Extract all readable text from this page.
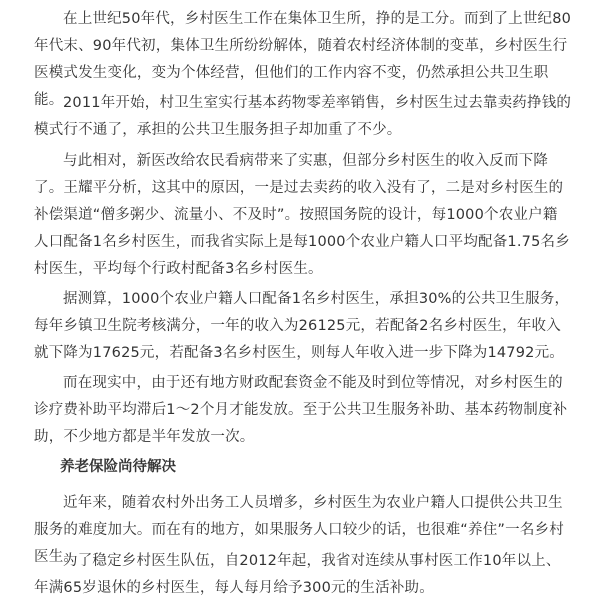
在上世纪50年代，乡村医生工作在集体卫生所，挣的是工分。而到了上世纪80年代末、90年代初，集体卫生所纷纷解体，随着农村经济体制的变革，乡村医生行医模式发生变化，变为个体经营，但他们的工作内容不变，仍然承担公共卫生职能。 2011年开始，村卫生室实行基本药物零差率销售，乡村医生过去靠卖药挣钱的模式行不通了，承担的公共卫生服务担子却加重了不少。

与此相对，新医改给农民看病带来了实惠，但部分乡村医生的收入反而下降了。王耀平分析，这其中的原因，一是过去卖药的收入没有了，二是对乡村医生的补偿渠道“僧多粥少、流量小、不及时”。按照国务院的设计，每1000个农业户籍人口配备1名乡村医生，而我省实际上是每1000个农业户籍人口平均配备1.75名乡村医生，平均每个行政村配备3名乡村医生。

据测算，1000个农业户籍人口配备1名乡村医生，承担30%的公共卫生服务，每年乡镇卫生院考核满分，一年的收入为26125元，若配备2名乡村医生，年收入就下降为17625元，若配备3名乡村医生，则每人年收入进一步下降为14792元。

而在现实中，由于还有地方财政配套资金不能及时到位等情况，对乡村医生的诊疗费补助平均滞后1～2个月才能发放。至于公共卫生服务补助、基本药物制度补助，不少地方都是半年发放一次。

养老保险尚待解决

近年来，随着农村外出务工人员增多，乡村医生为农业户籍人口提供公共卫生服务的难度加大。而在有的地方，如果服务人口较少的话，也很难“养住”一名乡村医生。

为了稳定乡村医生队伍，自2012年起，我省对连续从事村医工作10年以上、年满65岁退休的乡村医生，每人每月给予300元的生活补助。
